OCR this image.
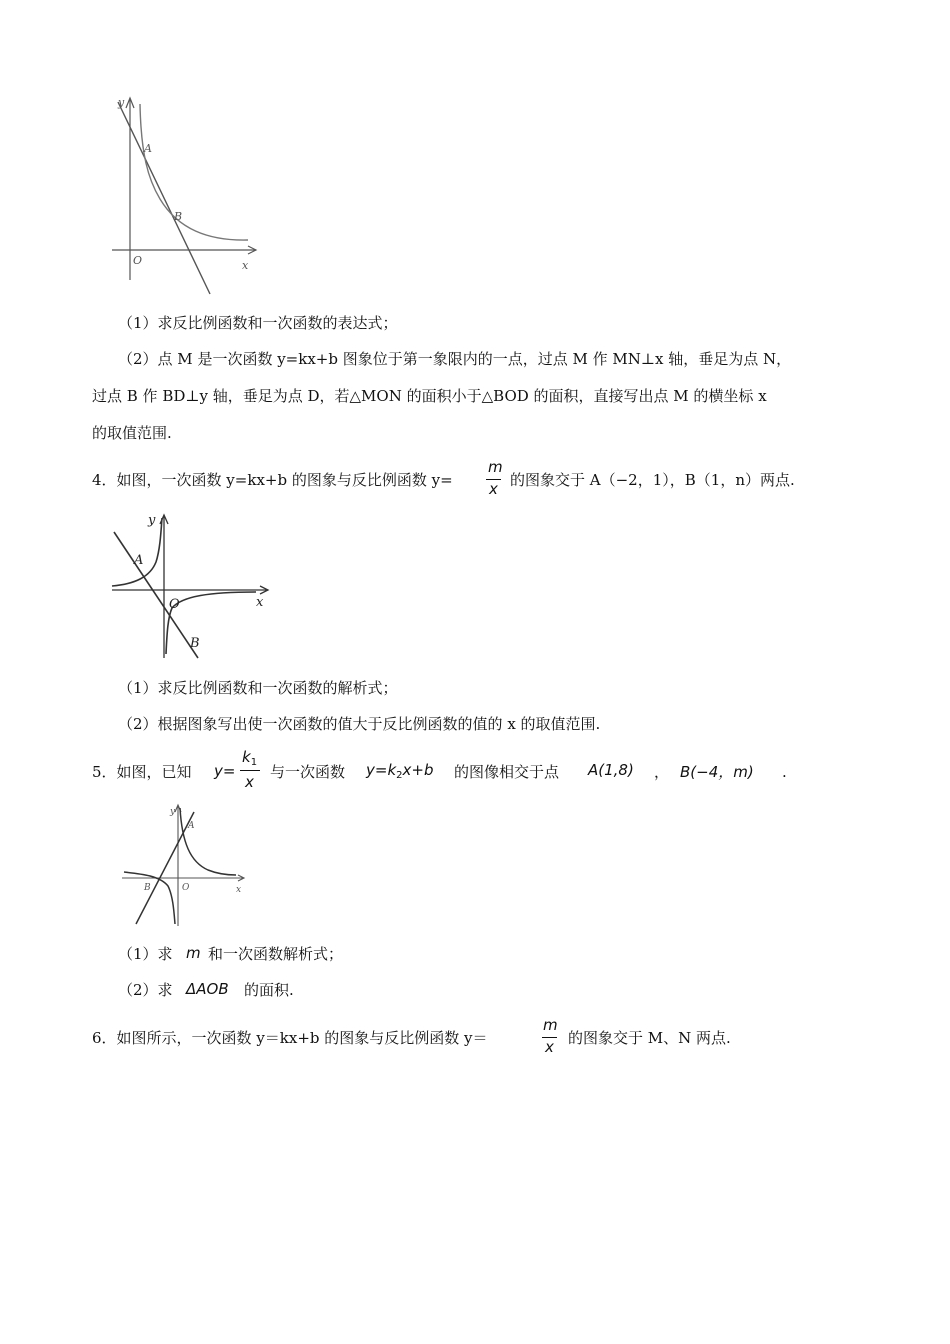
y
x
O
A
B
（1）求反比例函数和一次函数的表达式；
（2）点 M 是一次函数 y=kx+b 图象位于第一象限内的一点，过点 M 作 MN⊥x 轴，垂足为点 N，
过点 B 作 BD⊥y 轴，垂足为点 D，若△MON 的面积小于△BOD 的面积，直接写出点 M 的横坐标 x
的取值范围.
4．如图，一次函数 y=kx+b 的图象与反比例函数 y=
m
x 的图象交于 A（−2，1），B（1，n）两点.
y
x
O
A
B
（1）求反比例函数和一次函数的解析式；
（2）根据图象写出使一次函数的值大于反比例函数的值的 x 的取值范围.
5．如图，已知 y=
$k_1$
x
与一次函数 $y=k_2x+b$ 的图像相交于点 A(1,8) ， B(−4，m) .
y
x
O
A
B
（1）求 m 和一次函数解析式；
（2）求 ΔAOB 的面积.
6．如图所示，一次函数 y＝kx+b 的图象与反比例函数 y＝
m
x 的图象交于 M、N 两点.
